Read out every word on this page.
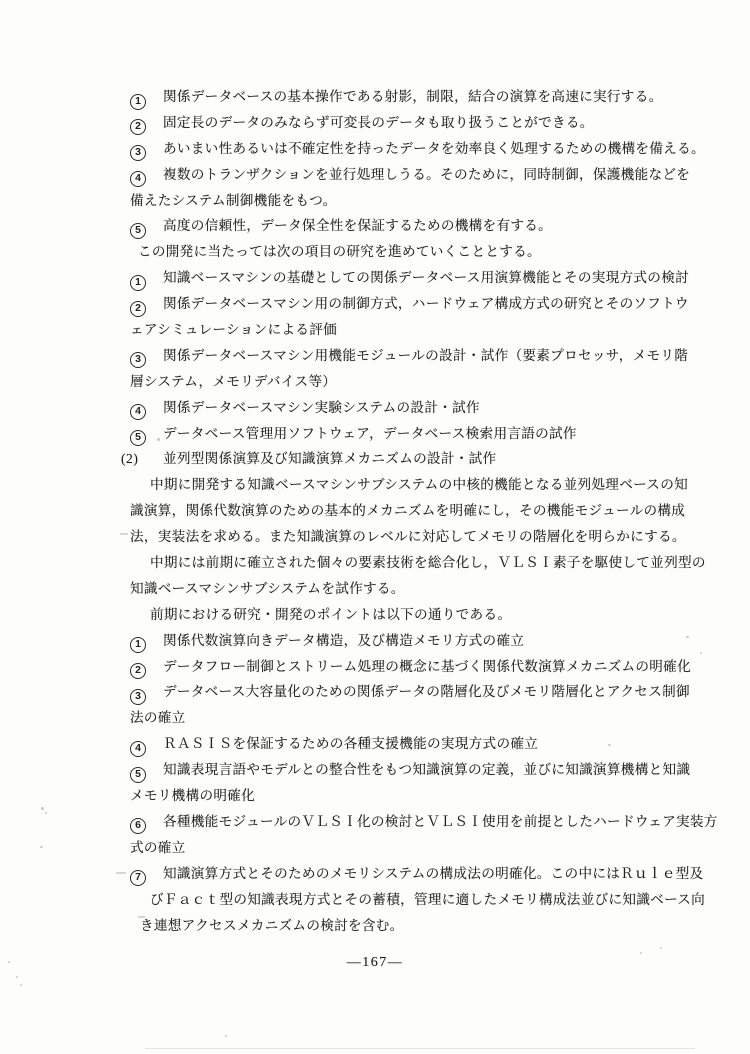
1 関係データベースの基本操作である射影，制限，結合の演算を高速に実行する。
2 固定長のデータのみならず可変長のデータも取り扱うことができる。
3 あいまい性あるいは不確定性を持ったデータを効率良く処理するための機構を備える。
4 複数のトランザクションを並行処理しうる。そのために，同時制御，保護機能などを
備えたシステム制御機能をもつ。
5 高度の信頼性，データ保全性を保証するための機構を有する。
この開発に当たっては次の項目の研究を進めていくこととする。
1 知識ベースマシンの基礎としての関係データベース用演算機能とその実現方式の検討
2 関係データベースマシン用の制御方式，ハードウェア構成方式の研究とそのソフトウ
ェアシミュレーションによる評価
3 関係データベースマシン用機能モジュールの設計・試作（要素プロセッサ，メモリ階
層システム，メモリデバイス等）
4 関係データベースマシン実験システムの設計・試作
5 データベース管理用ソフトウェア，データベース検索用言語の試作
(2) 並列型関係演算及び知識演算メカニズムの設計・試作
中期に開発する知識ベースマシンサブシステムの中核的機能となる並列処理ベースの知
識演算，関係代数演算のための基本的メカニズムを明確にし，その機能モジュールの構成
法，実装法を求める。また知識演算のレベルに対応してメモリの階層化を明らかにする。
中期には前期に確立された個々の要素技術を総合化し，ＶＬＳＩ素子を駆使して並列型の
知識ベースマシンサブシステムを試作する。
前期における研究・開発のポイントは以下の通りである。
1 関係代数演算向きデータ構造，及び構造メモリ方式の確立
2 データフロー制御とストリーム処理の概念に基づく関係代数演算メカニズムの明確化
3 データベース大容量化のための関係データの階層化及びメモリ階層化とアクセス制御
法の確立
4 ＲＡＳＩＳを保証するための各種支援機能の実現方式の確立
5 知識表現言語やモデルとの整合性をもつ知識演算の定義，並びに知識演算機構と知識
メモリ機構の明確化
6 各種機能モジュールのＶＬＳＩ化の検討とＶＬＳＩ使用を前提としたハードウェア実装方
式の確立
7 知識演算方式とそのためのメモリシステムの構成法の明確化。この中にはＲｕｌｅ型及
びＦａｃｔ型の知識表現方式とその蓄積，管理に適したメモリ構成法並びに知識ベース向
き連想アクセスメカニズムの検討を含む。
—167—
